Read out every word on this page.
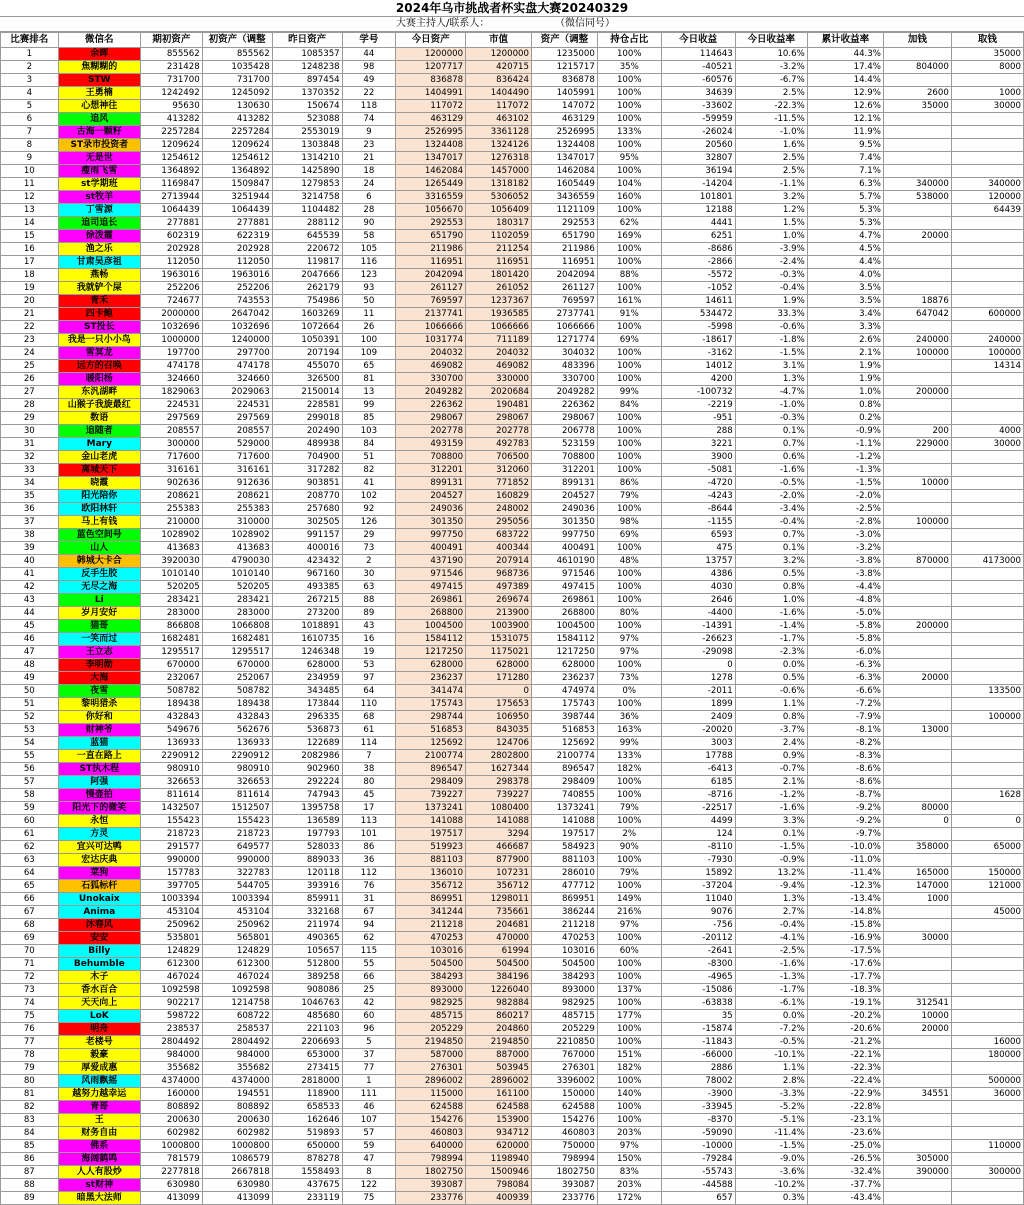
2024年乌市挑战者杯实盘大赛20240329
大赛主持人/联系人：	（微信同号）
比赛排名	微信名	期初资产	初资产（调整	昨日资产	学号	今日资产	市值	资产（调整	持仓占比	今日收益	今日收益率	累计收益率	加钱	取钱
1	余晖	855562	855562	1085357	44	1200000	1200000	1235000	100%	114643	10.6%	44.3%		35000
2	焦糊糊的	231428	1035428	1248238	98	1207717	420715	1215717	35%	-40521	-3.2%	17.4%	804000	8000
3	STW	731700	731700	897454	49	836878	836424	836878	100%	-60576	-6.7%	14.4%		
4	王勇楠	1242492	1245092	1370352	22	1404991	1404490	1405991	100%	34639	2.5%	12.9%	2600	1000
5	心想神往	95630	130630	150674	118	117072	117072	147072	100%	-33602	-22.3%	12.6%	35000	30000
6	追风	413282	413282	523088	74	463129	463102	463129	100%	-59959	-11.5%	12.1%		
7	古海一颗籽	2257284	2257284	2553019	9	2526995	3361128	2526995	133%	-26024	-1.0%	11.9%		
8	ST录市投资者	1209624	1209624	1303848	23	1324408	1324126	1324408	100%	20560	1.6%	9.5%		
9	无是世	1254612	1254612	1314210	21	1347017	1276318	1347017	95%	32807	2.5%	7.4%		
10	瘦雨飞雪	1364892	1364892	1425890	18	1462084	1457000	1462084	100%	36194	2.5%	7.1%		
11	st学期班	1169847	1509847	1279853	24	1265449	1318182	1605449	104%	-14204	-1.1%	6.3%	340000	340000
12	st牧羊	2713944	3251944	3214758	6	3316559	5306052	3436559	160%	101801	3.2%	5.7%	538000	120000
13	丁雪源	1064439	1064439	1104482	28	1056670	1056409	1121109	100%	12188	1.2%	5.3%		64439
14	追司追长	277881	277881	288112	90	292553	180317	292553	62%	4441	1.5%	5.3%		
15	徐泼霞	602319	622319	645539	58	651790	1102059	651790	169%	6251	1.0%	4.7%	20000	
16	渔之乐	202928	202928	220672	105	211986	211254	211986	100%	-8686	-3.9%	4.5%		
17	甘肃吴彦祖	112050	112050	119817	116	116951	116951	116951	100%	-2866	-2.4%	4.4%		
18	燕畅	1963016	1963016	2047666	123	2042094	1801420	2042094	88%	-5572	-0.3%	4.0%		
19	我就铲个屎	252206	252206	262179	93	261127	261052	261127	100%	-1052	-0.4%	3.5%		
20	青禾	724677	743553	754986	50	769597	1237367	769597	161%	14611	1.9%	3.5%	18876	
21	四卡鲍	2000000	2647042	1603269	11	2137741	1936585	2737741	91%	534472	33.3%	3.4%	647042	600000
22	ST投长	1032696	1032696	1072664	26	1066666	1066666	1066666	100%	-5998	-0.6%	3.3%		
23	我是一只小小鸟	1000000	1240000	1050391	100	1031774	711189	1271774	69%	-18617	-1.8%	2.6%	240000	240000
24	雪冥龙	197700	297700	207194	109	204032	204032	304032	100%	-3162	-1.5%	2.1%	100000	100000
25	远方的召唤	474178	474178	455070	65	469082	469082	483396	100%	14012	3.1%	1.9%		14314
26	暖阳杨	324660	324660	326500	81	330700	330000	330700	100%	4200	1.3%	1.9%		
27	东汎湖畔	1829063	2029063	2150014	13	2049282	2020684	2049282	99%	-100732	-4.7%	1.0%	200000	
28	山猴子我旋最红	224531	224531	228581	99	226362	190481	226362	84%	-2219	-1.0%	0.8%		
29	数语	297569	297569	299018	85	298067	298067	298067	100%	-951	-0.3%	0.2%		
30	追随者	208557	208557	202490	103	202778	202778	206778	100%	288	0.1%	-0.9%	200	4000
31	Mary	300000	529000	489938	84	493159	492783	523159	100%	3221	0.7%	-1.1%	229000	30000
32	金山老虎	717600	717600	704900	51	708800	706500	708800	100%	3900	0.6%	-1.2%		
33	离城天下	316161	316161	317282	82	312201	312060	312201	100%	-5081	-1.6%	-1.3%		
34	晓霞	902636	912636	903851	41	899131	771852	899131	86%	-4720	-0.5%	-1.5%	10000	
35	阳光陪你	208621	208621	208770	102	204527	160829	204527	79%	-4243	-2.0%	-2.0%		
36	欧阳林轩	255383	255383	257680	92	249036	248002	249036	100%	-8644	-3.4%	-2.5%		
37	马上有钱	210000	310000	302505	126	301350	295056	301350	98%	-1155	-0.4%	-2.8%	100000	
38	蓝色空间号	1028902	1028902	991157	29	997750	683722	997750	69%	6593	0.7%	-3.0%		
39	山人	413683	413683	400016	73	400491	400344	400491	100%	475	0.1%	-3.2%		
40	韩城大卡合	3920030	4790030	423432	2	437190	207914	4610190	48%	13757	3.2%	-3.8%	870000	4173000
41	反手生胶	1010140	1010140	967160	30	971546	968736	971546	100%	4386	0.5%	-3.8%		
42	无尽之海	520205	520205	493385	63	497415	497389	497415	100%	4030	0.8%	-4.4%		
43	Li	283421	283421	267215	88	269861	269674	269861	100%	2646	1.0%	-4.8%		
44	岁月安好	283000	283000	273200	89	268800	213900	268800	80%	-4400	-1.6%	-5.0%		
45	猫哥	866808	1066808	1018891	43	1004500	1003900	1004500	100%	-14391	-1.4%	-5.8%	200000	
46	一笑而过	1682481	1682481	1610735	16	1584112	1531075	1584112	97%	-26623	-1.7%	-5.8%		
47	王立志	1295517	1295517	1246348	19	1217250	1175021	1217250	97%	-29098	-2.3%	-6.0%		
48	李明勋	670000	670000	628000	53	628000	628000	628000	100%	0	0.0%	-6.3%		
49	大海	232067	252067	234959	97	236237	171280	236237	73%	1278	0.5%	-6.3%	20000	
50	夜雪	508782	508782	343485	64	341474	0	474974	0%	-2011	-0.6%	-6.6%		133500
51	黎明猎杀	189438	189438	173844	110	175743	175653	175743	100%	1899	1.1%	-7.2%		
52	你好和	432843	432843	296335	68	298744	106950	398744	36%	2409	0.8%	-7.9%		100000
53	财神爷	549676	562676	536873	61	516853	843035	516853	163%	-20020	-3.7%	-8.1%	13000	
54	蓝猫	136933	136933	122689	114	125692	124706	125692	99%	3003	2.4%	-8.2%		
55	一直在路上	2290912	2290912	2082986	7	2100774	2802800	2100774	133%	17788	0.9%	-8.3%		
56	ST执木程	980910	980910	902960	38	896547	1627344	896547	182%	-6413	-0.7%	-8.6%		
57	阿强	326653	326653	292224	80	298409	298378	298409	100%	6185	2.1%	-8.6%		
58	慢壶拍	811614	811614	747943	45	739227	739227	740855	100%	-8716	-1.2%	-8.7%		1628
59	阳光下的微笑	1432507	1512507	1395758	17	1373241	1080400	1373241	79%	-22517	-1.6%	-9.2%	80000	
60	永恒	155423	155423	136589	113	141088	141088	141088	100%	4499	3.3%	-9.2%	0	0
61	方灵	218723	218723	197793	101	197517	3294	197517	2%	124	0.1%	-9.7%		
62	宜兴可达鸭	291577	649577	528033	86	519923	466687	584923	90%	-8110	-1.5%	-10.0%	358000	65000
63	宏达庆典	990000	990000	889033	36	881103	877900	881103	100%	-7930	-0.9%	-11.0%		
64	菜狗	157783	322783	120118	112	136010	107231	286010	79%	15892	13.2%	-11.4%	165000	150000
65	石狐标杆	397705	544705	393916	76	356712	356712	477712	100%	-37204	-9.4%	-12.3%	147000	121000
66	Unokaix	1003394	1003394	859911	31	869951	1298011	869951	149%	11040	1.3%	-13.4%	1000	
67	Anima	453104	453104	332168	67	341244	735661	386244	216%	9076	2.7%	-14.8%		45000
68	沐春风	250962	250962	211974	94	211218	204681	211218	97%	-756	-0.4%	-15.8%		
69	安安	535801	565801	490365	62	470253	470000	470253	100%	-20112	-4.1%	-16.9%	30000	
70	Billy	124829	124829	105657	115	103016	61994	103016	60%	-2641	-2.5%	-17.5%		
71	Behumble	612300	612300	512800	55	504500	504500	504500	100%	-8300	-1.6%	-17.6%		
72	木子	467024	467024	389258	66	384293	384196	384293	100%	-4965	-1.3%	-17.7%		
73	香水百合	1092598	1092598	908086	25	893000	1226040	893000	137%	-15086	-1.7%	-18.3%		
74	天天向上	902217	1214758	1046763	42	982925	982884	982925	100%	-63838	-6.1%	-19.1%	312541	
75	LoK	598722	608722	485680	60	485715	860217	485715	177%	35	0.0%	-20.2%	10000	
76	明舟	238537	258537	221103	96	205229	204860	205229	100%	-15874	-7.2%	-20.6%	20000	
77	老楼号	2804492	2804492	2206693	5	2194850	2194850	2210850	100%	-11843	-0.5%	-21.2%		16000
78	毅豪	984000	984000	653000	37	587000	887000	767000	151%	-66000	-10.1%	-22.1%		180000
79	厚爱成惠	355682	355682	273415	77	276301	503945	276301	182%	2886	1.1%	-22.3%		
80	风雨飘摇	4374000	4374000	2818000	1	2896002	2896002	3396002	100%	78002	2.8%	-22.4%		500000
81	越努力越幸运	160000	194551	118900	111	115000	161100	150000	140%	-3900	-3.3%	-22.9%	34551	36000
82	青哥	808892	808892	658533	46	624588	624588	624588	100%	-33945	-5.2%	-22.8%		
83	王	200630	200630	162646	107	154276	153900	154276	100%	-8370	-5.1%	-23.1%		
84	财务自由	602982	602982	519893	57	460803	934712	460803	203%	-59090	-11.4%	-23.6%		
85	佛系	1000800	1000800	650000	59	640000	620000	750000	97%	-10000	-1.5%	-25.0%		110000
86	海阔鹤鸣	781579	1086579	878278	47	798994	1198940	798994	150%	-79284	-9.0%	-26.5%	305000	
87	人人有股炒	2277818	2667818	1558493	8	1802750	1500946	1802750	83%	-55743	-3.6%	-32.4%	390000	300000
88	st财神	630980	630980	437675	122	393087	798084	393087	203%	-44588	-10.2%	-37.7%		
89	暗黑大法师	413099	413099	233119	75	233776	400939	233776	172%	657	0.3%	-43.4%		
